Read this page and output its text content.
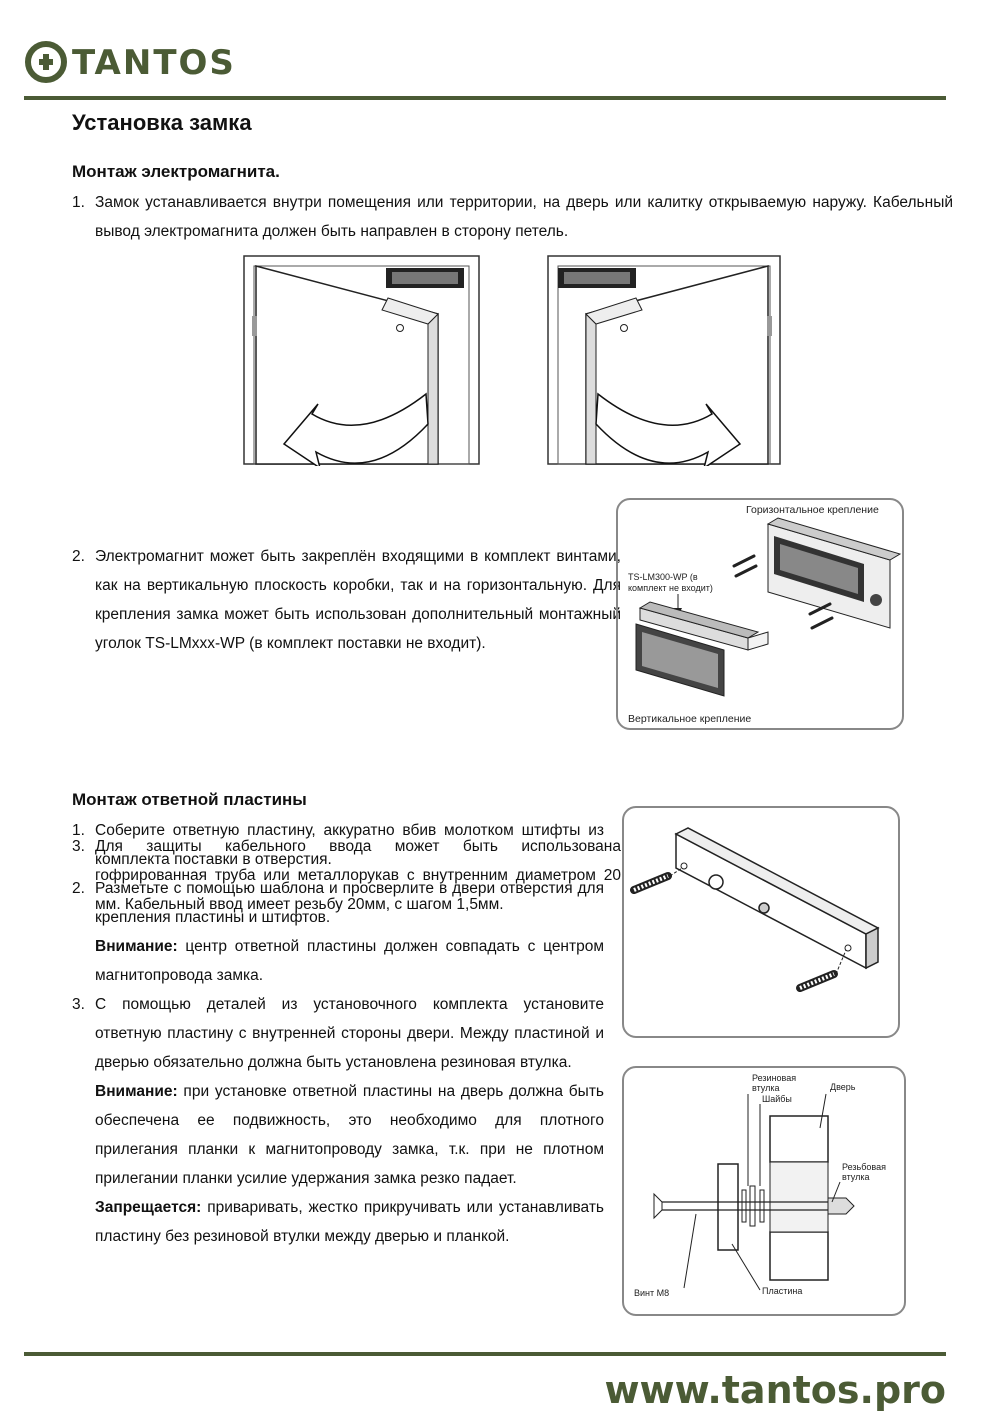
TANTOS
Установка замка
Монтаж электромагнита.
1. Замок устанавливается внутри помещения или территории, на дверь или калитку открываемую наружу. Кабельный вывод электромагнита должен быть направлен в сторону петель.
2. Электромагнит может быть закреплён входящими в комплект винтами, как на вертикальную плоскость коробки, так и на горизонтальную. Для крепления замка может быть использован дополнительный монтажный уголок TS-LMxxx-WP (в комплект поставки не входит).
3. Для защиты кабельного ввода может быть использована гофрированная труба или металлорукав с внутренним диаметром 20 мм. Кабельный ввод имеет резьбу 20мм, с шагом 1,5мм.
Горизонтальное крепление
TS-LM300-WP (в
комплект не входит)
Вертикальное крепление
Монтаж ответной пластины
1. Соберите ответную пластину, аккуратно вбив молотком штифты из комплекта поставки в отверстия.
2. Разметьте с помощью шаблона и просверлите в двери отверстия для крепления пластины и штифтов.
Внимание: центр ответной пластины должен совпадать с центром магнитопровода замка.
3. С помощью деталей из установочного комплекта установите ответную пластину с внутренней стороны двери. Между пластиной и дверью обязательно должна быть установлена резиновая втулка.
Внимание: при установке ответной пластины на дверь должна быть обеспечена ее подвижность, это необходимо для плотного прилегания планки к магнитопроводу замка, т.к. при не плотном прилегании планки усилие удержания замка резко падает.
Запрещается: приваривать, жестко прикручивать или устанавливать пластину без резиновой втулки между дверью и планкой.
Резиновая
втулка
Шайбы
Дверь
Резьбовая
втулка
Винт М8	Пластина
www.tantos.pro
